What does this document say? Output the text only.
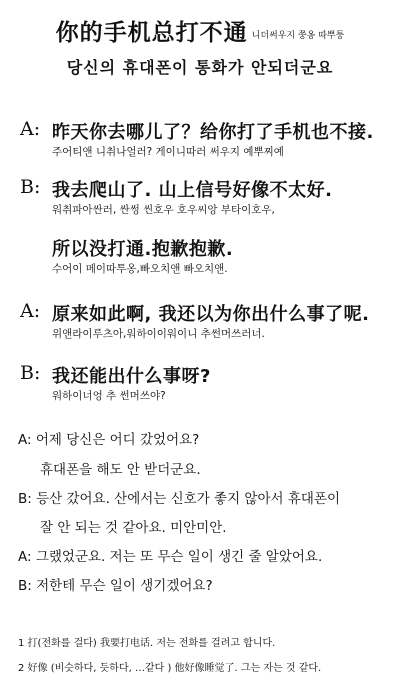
你的手机总打不通 니더써우지 쭝옹 따뿌퉁
당신의 휴대폰이 통화가 안되더군요
A: 昨天你去哪儿了？给你打了手机也不接.
주어티앤 니취나얼러? 게이니따러 써우지 예뿌찌예
B: 我去爬山了. 山上信号好像不太好.
워취파아싼러, 싼썽 씬호우 호우씨앙 부타이호우,
所以没打通.抱歉抱歉.
수어이 메이따투옹,빠오치앤 빠오치앤.
A: 原来如此啊, 我还以为你出什么事了呢.
위앤라이루츠아,워하이이워이니 추썬머쓰러너.
B: 我还能出什么事呀?
워하이너엉 추 썬머쓰야?
A: 어제 당신은 어디 갔었어요?
휴대폰을 해도 안 받더군요.
B: 등산 갔어요. 산에서는 신호가 좋지 않아서 휴대폰이
잘 안 되는 것 같아요. 미안미안.
A: 그랬었군요. 저는 또 무슨 일이 생긴 줄 알았어요.
B: 저한테 무슨 일이 생기겠어요?
1 打(전화를 걸다) 我要打电话. 저는 전화를 걸려고 합니다.
2 好像 (비슷하다, 듯하다, …같다 ) 他好像睡觉了. 그는 자는 것 같다.
